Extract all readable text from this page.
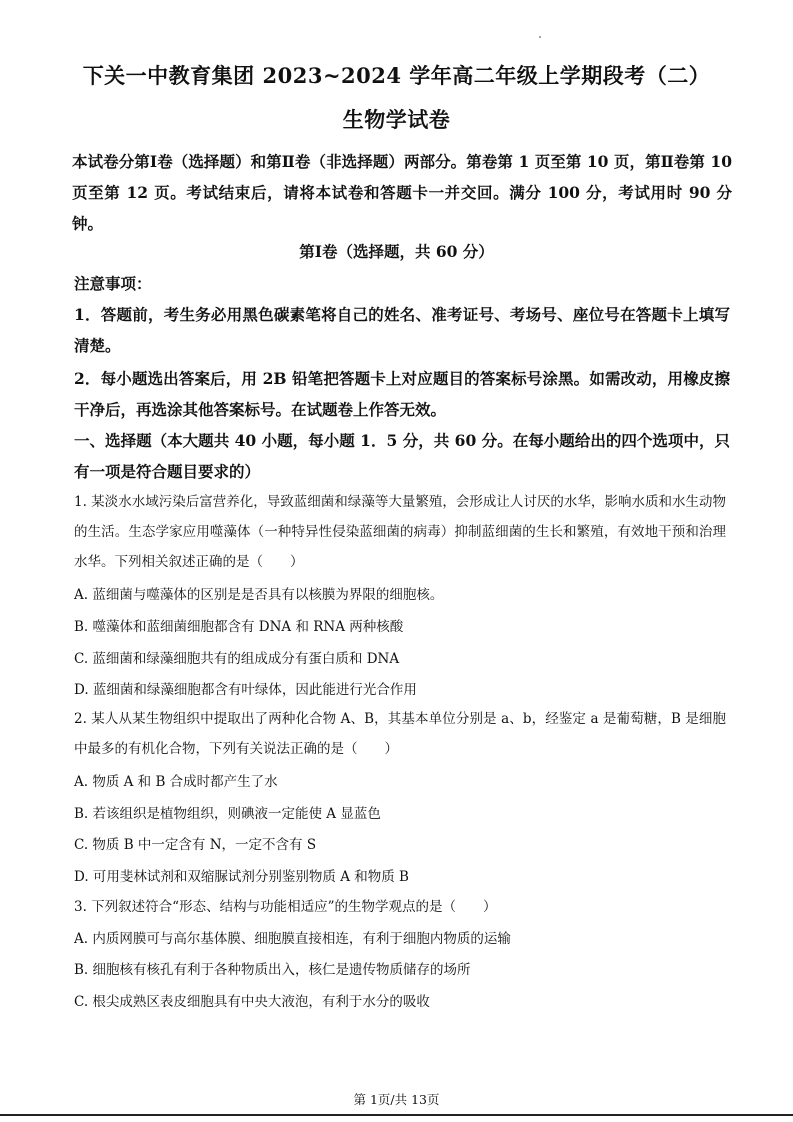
下关一中教育集团 2023~2024 学年高二年级上学期段考（二）
生物学试卷
本试卷分第Ⅰ卷（选择题）和第Ⅱ卷（非选择题）两部分。第卷第 1 页至第 10 页，第Ⅱ卷第 10 页至第 12 页。考试结束后，请将本试卷和答题卡一并交回。满分 100 分，考试用时 90 分钟。
第Ⅰ卷（选择题，共 60 分）
注意事项：
1．答题前，考生务必用黑色碳素笔将自己的姓名、准考证号、考场号、座位号在答题卡上填写清楚。
2．每小题选出答案后，用 2B 铅笔把答题卡上对应题目的答案标号涂黑。如需改动，用橡皮擦干净后，再选涂其他答案标号。在试题卷上作答无效。
一、选择题（本大题共 40 小题，每小题 1．5 分，共 60 分。在每小题给出的四个选项中，只有一项是符合题目要求的）
1. 某淡水水域污染后富营养化，导致蓝细菌和绿藻等大量繁殖，会形成让人讨厌的水华，影响水质和水生动物的生活。生态学家应用噬藻体（一种特异性侵染蓝细菌的病毒）抑制蓝细菌的生长和繁殖，有效地干预和治理水华。下列相关叙述正确的是（　　）
A. 蓝细菌与噬藻体的区别是是否具有以核膜为界限的细胞核。
B. 噬藻体和蓝细菌细胞都含有 DNA 和 RNA 两种核酸
C. 蓝细菌和绿藻细胞共有的组成成分有蛋白质和 DNA
D. 蓝细菌和绿藻细胞都含有叶绿体，因此能进行光合作用
2. 某人从某生物组织中提取出了两种化合物 A、B，其基本单位分别是 a、b，经鉴定 a 是葡萄糖，B 是细胞中最多的有机化合物，下列有关说法正确的是（　　）
A. 物质 A 和 B 合成时都产生了水
B. 若该组织是植物组织，则碘液一定能使 A 显蓝色
C. 物质 B 中一定含有 N，一定不含有 S
D. 可用斐林试剂和双缩脲试剂分别鉴别物质 A 和物质 B
3. 下列叙述符合“形态、结构与功能相适应”的生物学观点的是（　　）
A. 内质网膜可与高尔基体膜、细胞膜直接相连，有利于细胞内物质的运输
B. 细胞核有核孔有利于各种物质出入，核仁是遗传物质储存的场所
C. 根尖成熟区表皮细胞具有中央大液泡，有利于水分的吸收
第 1页/共 13页
